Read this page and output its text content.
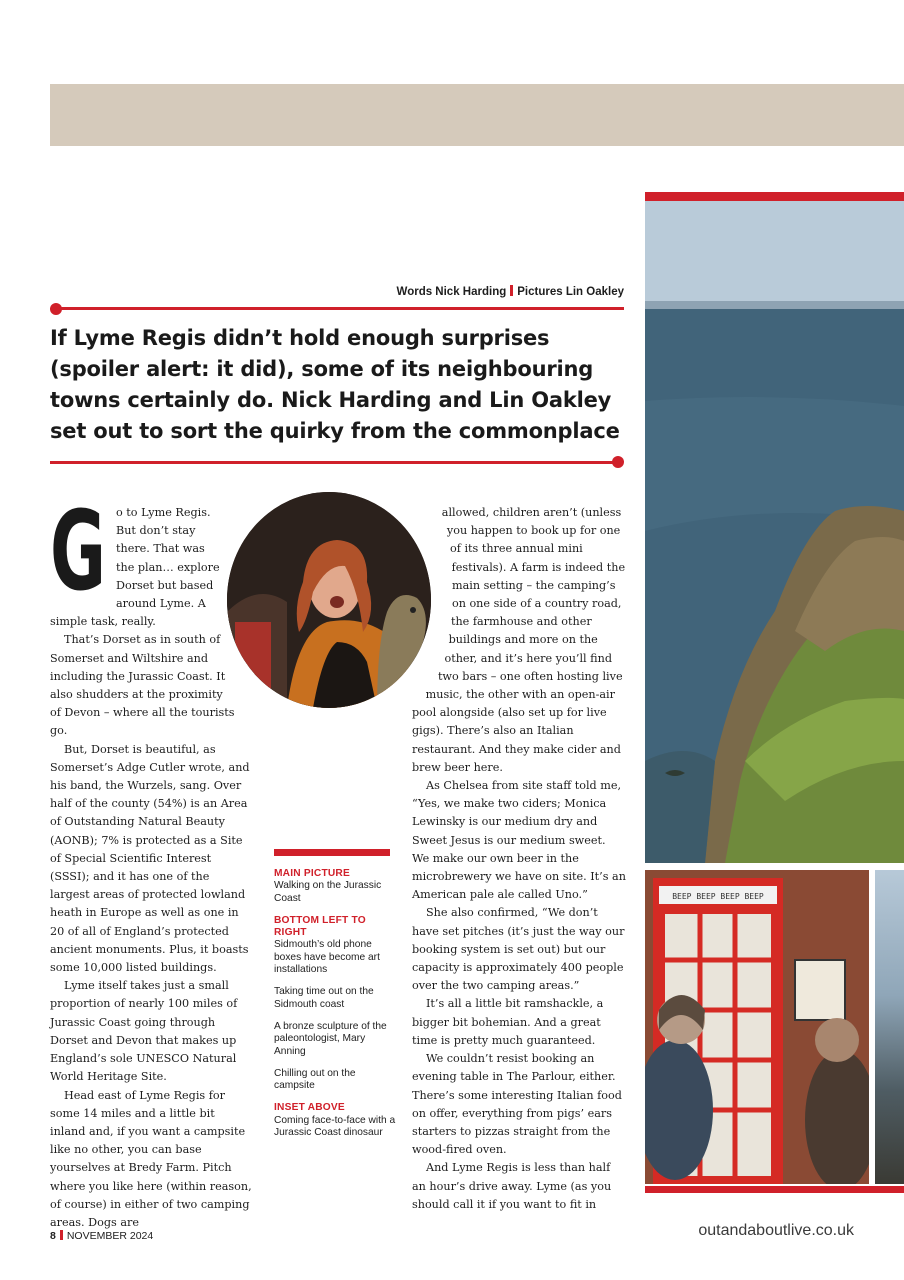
BEEP BEEP BEEP BEEP
Words Nick Harding Pictures Lin Oakley
If Lyme Regis didn’t hold enough surprises (spoiler alert: it did), some of its neighbouring towns certainly do. Nick Harding and Lin Oakley set out to sort the quirky from the commonplace
G o to Lyme Regis. But don’t stay there. That was the plan… explore Dorset but based around Lyme. A simple task, really.

That’s Dorset as in south of Somerset and Wiltshire and including the Jurassic Coast. It also shudders at the proximity of Devon – where all the tourists go.

But, Dorset is beautiful, as Somerset’s Adge Cutler wrote, and his band, the Wurzels, sang. Over half of the county (54%) is an Area of Outstanding Natural Beauty (AONB); 7% is protected as a Site of Special Scientific Interest (SSSI); and it has one of the largest areas of protected lowland heath in Europe as well as one in 20 of all of England’s protected ancient monuments. Plus, it boasts some 10,000 listed buildings.

Lyme itself takes just a small proportion of nearly 100 miles of Jurassic Coast going through Dorset and Devon that makes up England’s sole UNESCO Natural World Heritage Site.

Head east of Lyme Regis for some 14 miles and a little bit inland and, if you want a campsite like no other, you can base yourselves at Bredy Farm. Pitch where you like here (within reason, of course) in either of two camping areas. Dogs are

MAIN PICTURE
Walking on the Jurassic Coast
BOTTOM LEFT TO RIGHT
Sidmouth’s old phone boxes have become art installations
Taking time out on the Sidmouth coast
A bronze sculpture of the paleontologist, Mary Anning
Chilling out on the campsite
INSET ABOVE
Coming face-to-face with a Jurassic Coast dinosaur

allowed, children aren’t (unless you happen to book up for one of its three annual mini festivals). A farm is indeed the main setting – the camping’s on one side of a country road, the farmhouse and other buildings and more on the other, and it’s here you’ll find two bars – one often hosting live music, the other with an open-air pool alongside (also set up for live gigs). There’s also an Italian restaurant. And they make cider and brew beer here.

As Chelsea from site staff told me, “Yes, we make two ciders; Monica Lewinsky is our medium dry and Sweet Jesus is our medium sweet. We make our own beer in the microbrewery we have on site. It’s an American pale ale called Uno.”

She also confirmed, “We don’t have set pitches (it’s just the way our booking system is set out) but our capacity is approximately 400 people over the two camping areas.”

It’s all a little bit ramshackle, a bigger bit bohemian. And a great time is pretty much guaranteed.

We couldn’t resist booking an evening table in The Parlour, either. There’s some interesting Italian food on offer, everything from pigs’ ears starters to pizzas straight from the wood-fired oven.

And Lyme Regis is less than half an hour’s drive away. Lyme (as you should call it if you want to fit in

8 NOVEMBER 2024	outandaboutlive.co.uk
